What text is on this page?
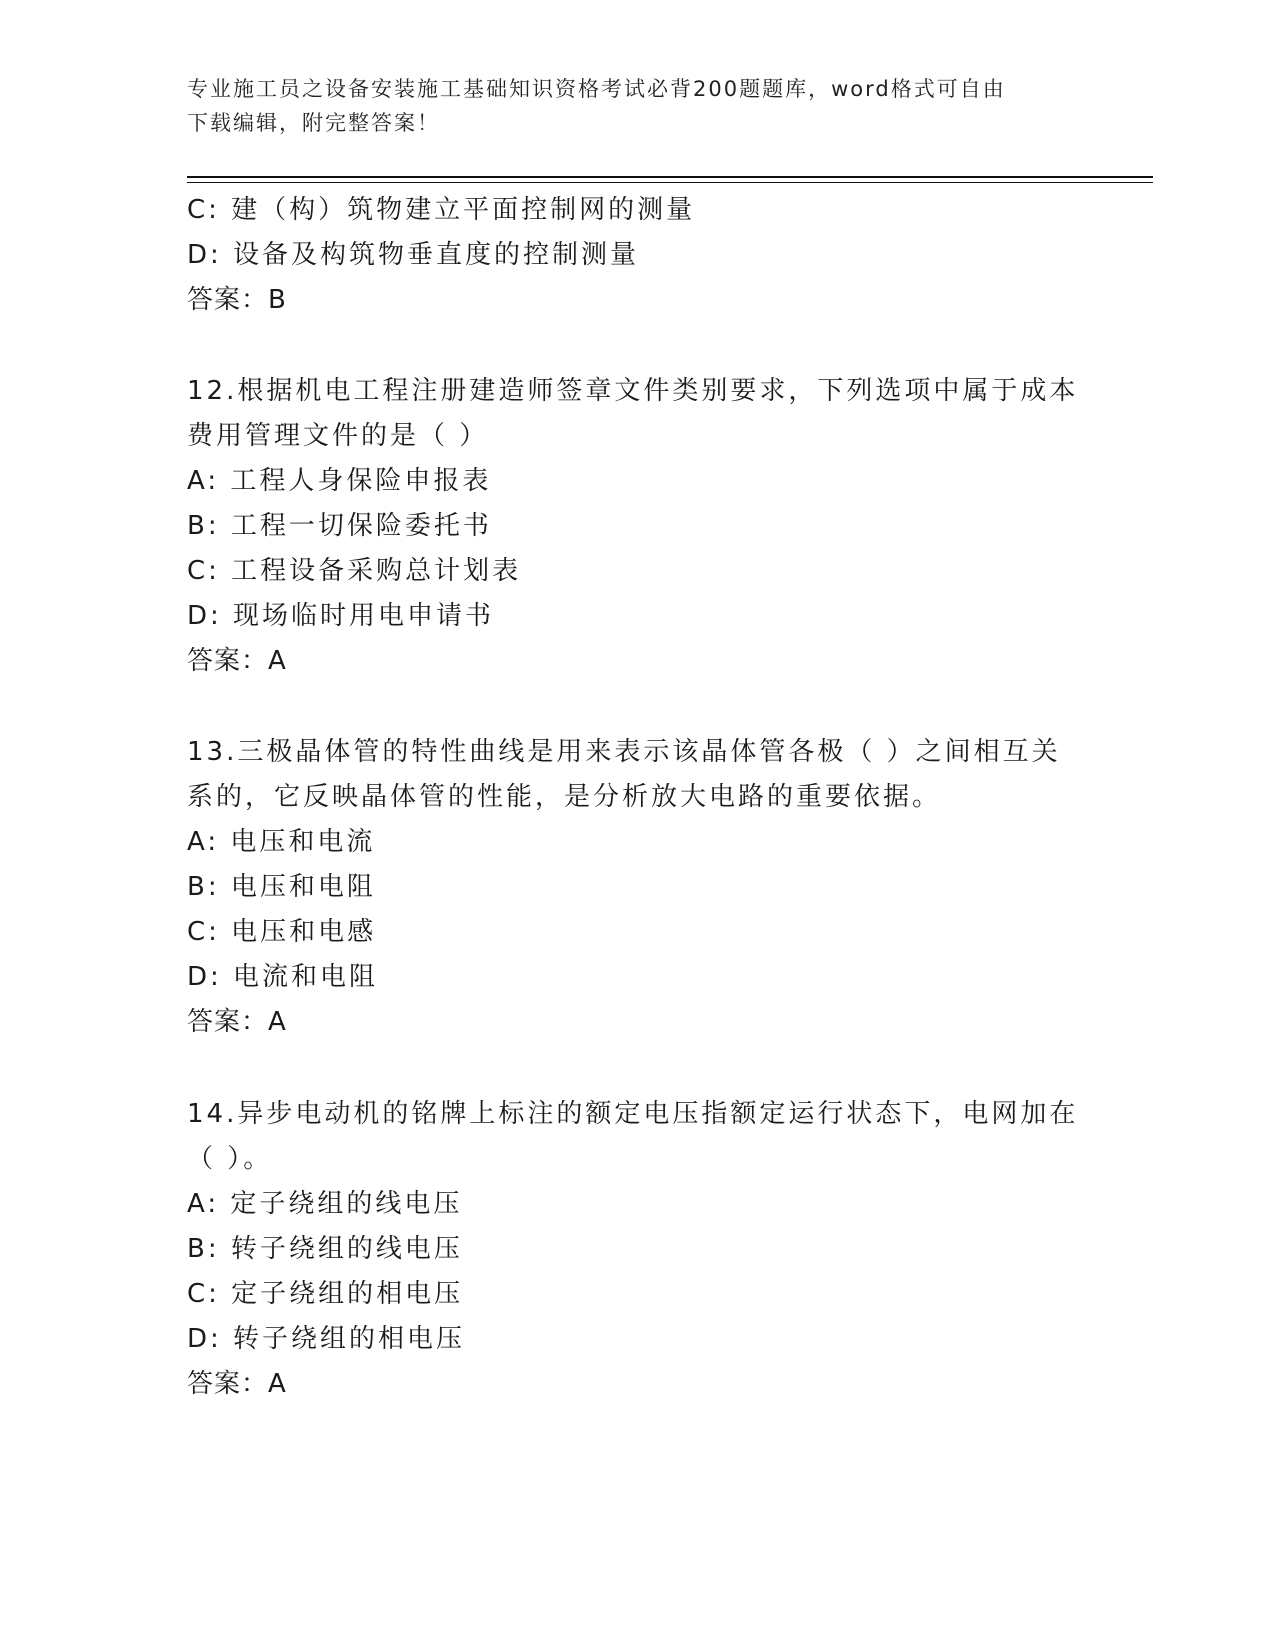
专业施工员之设备安装施工基础知识资格考试必背200题题库，word格式可自由
下载编辑，附完整答案！
C: 建（构）筑物建立平面控制网的测量
D: 设备及构筑物垂直度的控制测量
答案：B
12.根据机电工程注册建造师签章文件类别要求，下列选项中属于成本
费用管理文件的是（ ）
A: 工程人身保险申报表
B: 工程一切保险委托书
C: 工程设备采购总计划表
D: 现场临时用电申请书
答案：A
13.三极晶体管的特性曲线是用来表示该晶体管各极（ ）之间相互关
系的，它反映晶体管的性能，是分析放大电路的重要依据。
A: 电压和电流
B: 电压和电阻
C: 电压和电感
D: 电流和电阻
答案：A
14.异步电动机的铭牌上标注的额定电压指额定运行状态下，电网加在
（ ）。
A: 定子绕组的线电压
B: 转子绕组的线电压
C: 定子绕组的相电压
D: 转子绕组的相电压
答案：A
